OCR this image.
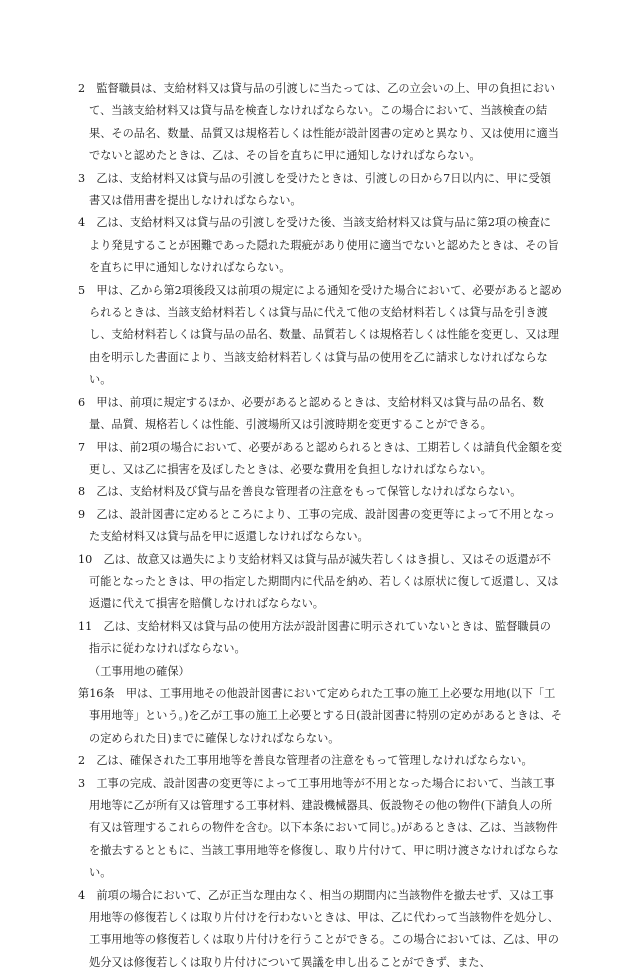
2　 監督職員は、支給材料又は貸与品の引渡しに当たっては、乙の立会いの上、甲の負担において、当該支給材料又は貸与品を検査しなければならない。この場合において、当該検査の結果、その品名、数量、品質又は規格若しくは性能が設計図書の定めと異なり、又は使用に適当でないと認めたときは、乙は、その旨を直ちに甲に通知しなければならない。

3　 乙は、支給材料又は貸与品の引渡しを受けたときは、引渡しの日から7日以内に、甲に受領書又は借用書を提出しなければならない。

4　 乙は、支給材料又は貸与品の引渡しを受けた後、当該支給材料又は貸与品に第2項の検査により発見することが困難であった隠れた瑕疵があり使用に適当でないと認めたときは、その旨を直ちに甲に通知しなければならない。

5　 甲は、乙から第2項後段又は前項の規定による通知を受けた場合において、必要があると認められるときは、当該支給材料若しくは貸与品に代えて他の支給材料若しくは貸与品を引き渡し、支給材料若しくは貸与品の品名、数量、品質若しくは規格若しくは性能を変更し、又は理由を明示した書面により、当該支給材料若しくは貸与品の使用を乙に請求しなければならない。

6　 甲は、前項に規定するほか、必要があると認めるときは、支給材料又は貸与品の品名、数量、品質、規格若しくは性能、引渡場所又は引渡時期を変更することができる。

7　 甲は、前2項の場合において、必要があると認められるときは、工期若しくは請負代金額を変更し、又は乙に損害を及ぼしたときは、必要な費用を負担しなければならない。

8　 乙は、支給材料及び貸与品を善良な管理者の注意をもって保管しなければならない。

9　 乙は、設計図書に定めるところにより、工事の完成、設計図書の変更等によって不用となった支給材料又は貸与品を甲に返還しなければならない。

10　 乙は、故意又は過失により支給材料又は貸与品が滅失若しくはき損し、又はその返還が不可能となったときは、甲の指定した期間内に代品を納め、若しくは原状に復して返還し、又は返還に代えて損害を賠償しなければならない。

11　 乙は、支給材料又は貸与品の使用方法が設計図書に明示されていないときは、監督職員の指示に従わなければならない。

（工事用地の確保）

第16条　 甲は、工事用地その他設計図書において定められた工事の施工上必要な用地(以下「工事用地等」という。)を乙が工事の施工上必要とする日(設計図書に特別の定めがあるときは、その定められた日)までに確保しなければならない。

2　 乙は、確保された工事用地等を善良な管理者の注意をもって管理しなければならない。

3　 工事の完成、設計図書の変更等によって工事用地等が不用となった場合において、当該工事用地等に乙が所有又は管理する工事材料、建設機械器具、仮設物その他の物件(下請負人の所有又は管理するこれらの物件を含む。以下本条において同じ。)があるときは、乙は、当該物件を撤去するとともに、当該工事用地等を修復し、取り片付けて、甲に明け渡さなければならない。

4　 前項の場合において、乙が正当な理由なく、相当の期間内に当該物件を撤去せず、又は工事用地等の修復若しくは取り片付けを行わないときは、甲は、乙に代わって当該物件を処分し、工事用地等の修復若しくは取り片付けを行うことができる。この場合においては、乙は、甲の処分又は修復若しくは取り片付けについて異議を申し出ることができず、また、
